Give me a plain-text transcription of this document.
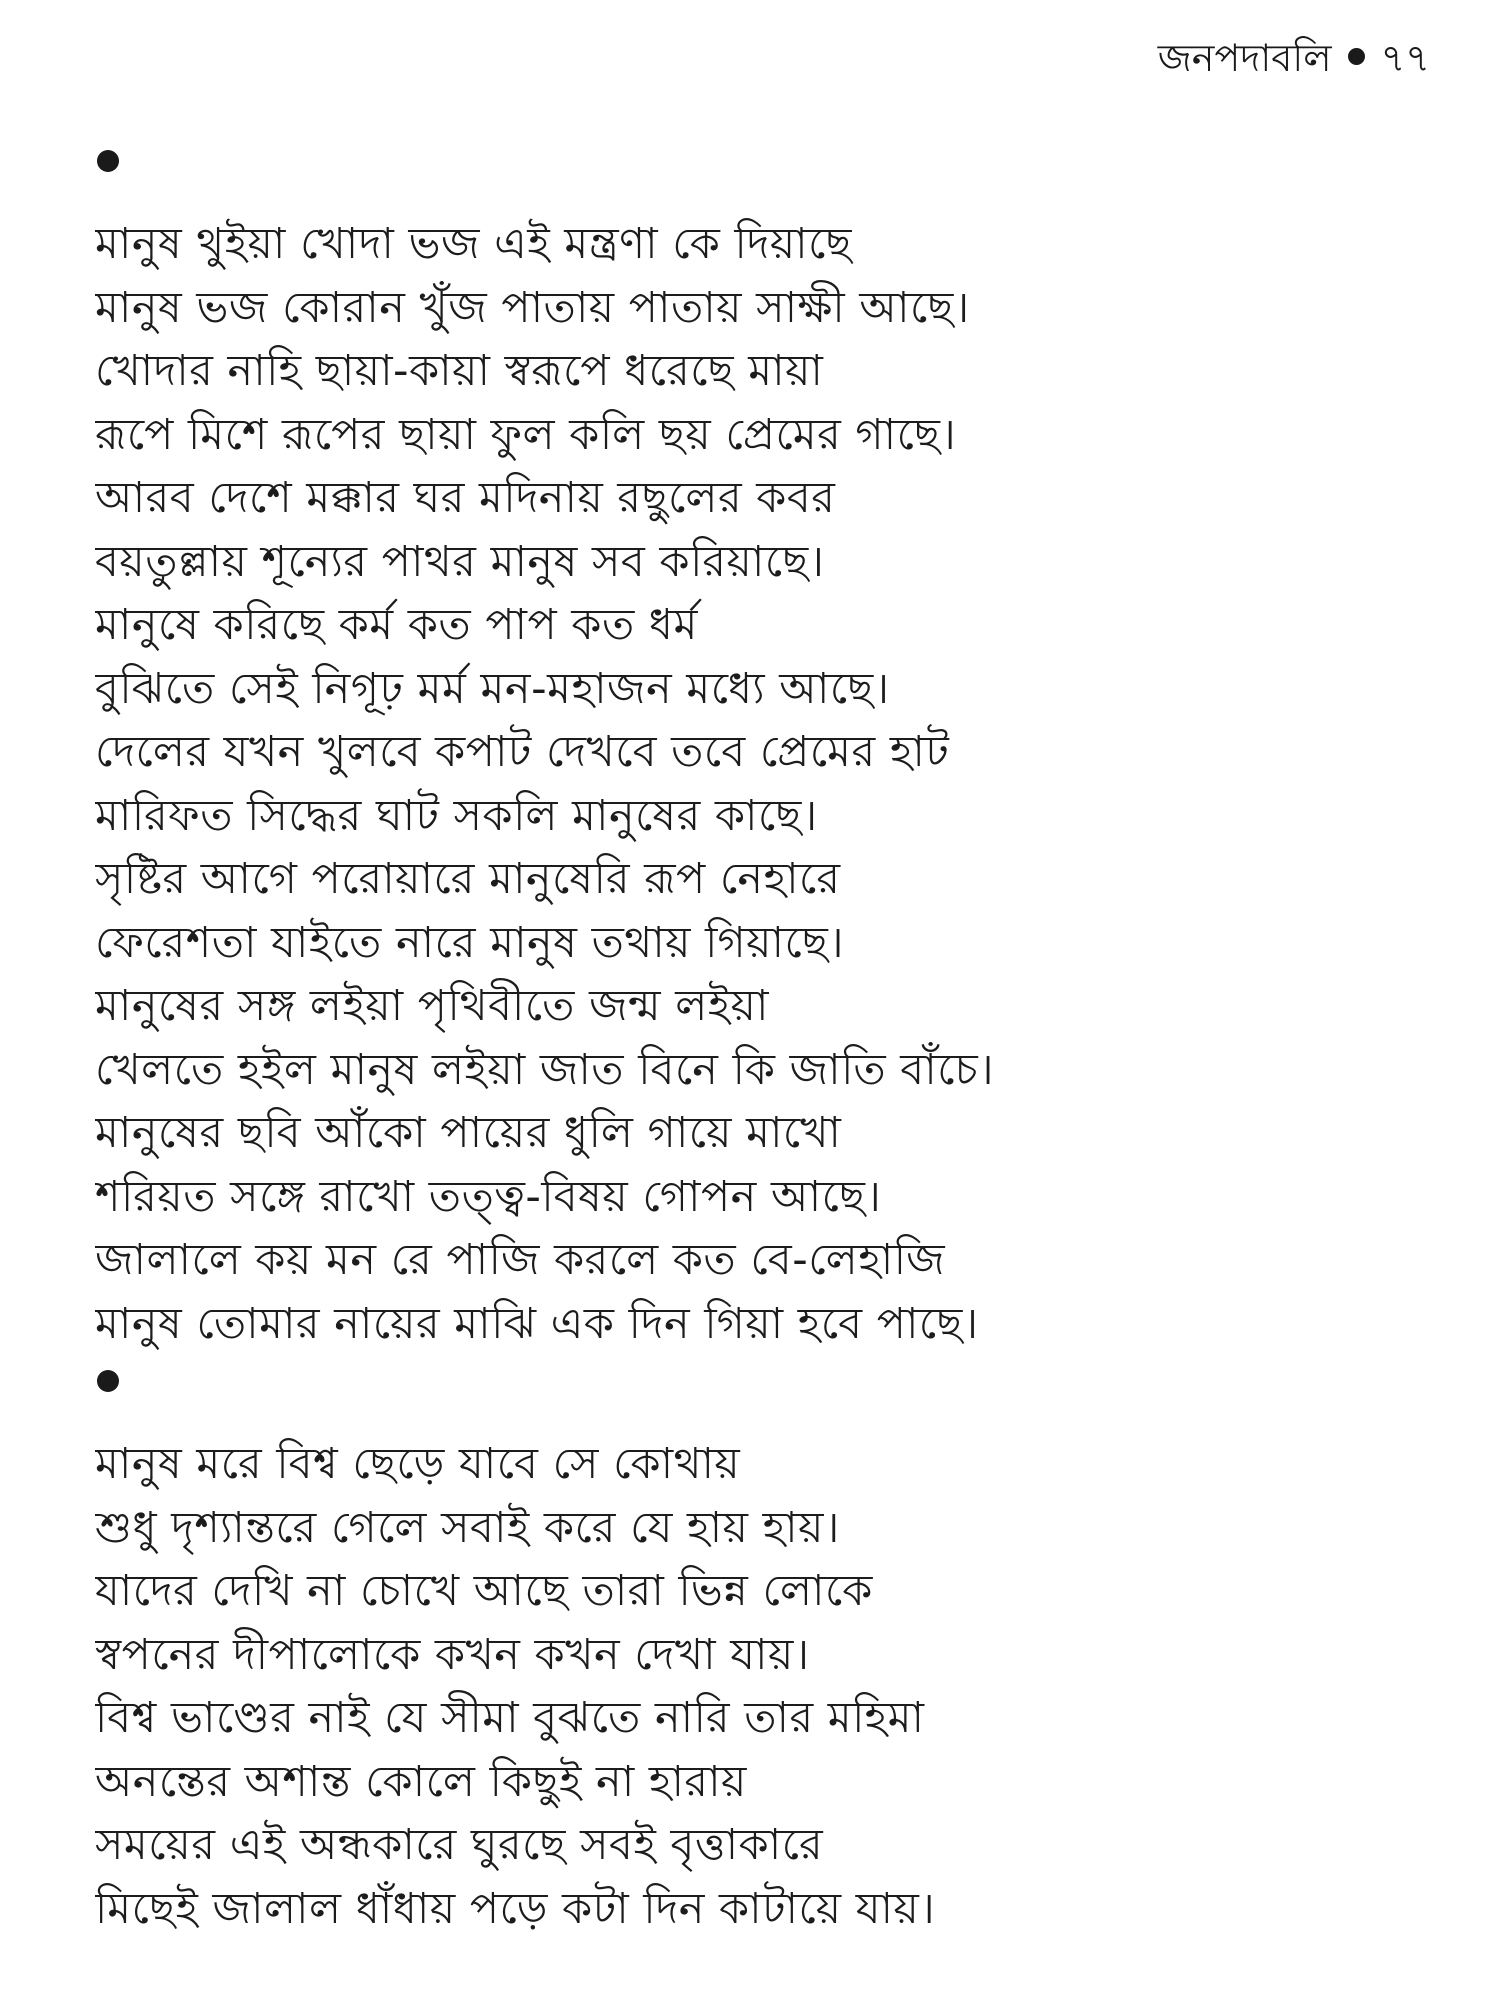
জনপদাবলি ৭৭
মানুষ থুইয়া খোদা ভজ এই মন্ত্রণা কে দিয়াছে
মানুষ ভজ কোরান খুঁজ পাতায় পাতায় সাক্ষী আছে।
খোদার নাহি ছায়া-কায়া স্বরূপে ধরেছে মায়া
রূপে মিশে রূপের ছায়া ফুল কলি ছয় প্রেমের গাছে।
আরব দেশে মক্কার ঘর মদিনায় রছুলের কবর
বয়তুল্লায় শূন্যের পাথর মানুষ সব করিয়াছে।
মানুষে করিছে কর্ম কত পাপ কত ধর্ম
বুঝিতে সেই নিগূঢ় মর্ম মন-মহাজন মধ্যে আছে।
দেলের যখন খুলবে কপাট দেখবে তবে প্রেমের হাট
মারিফত সিদ্ধের ঘাট সকলি মানুষের কাছে।
সৃষ্টির আগে পরোয়ারে মানুষেরি রূপ নেহারে
ফেরেশতা যাইতে নারে মানুষ তথায় গিয়াছে।
মানুষের সঙ্গ লইয়া পৃথিবীতে জন্ম লইয়া
খেলতে হইল মানুষ লইয়া জাত বিনে কি জাতি বাঁচে।
মানুষের ছবি আঁকো পায়ের ধুলি গায়ে মাখো
শরিয়ত সঙ্গে রাখো তত্ত্ব-বিষয় গোপন আছে।
জালালে কয় মন রে পাজি করলে কত বে-লেহাজি
মানুষ তোমার নায়ের মাঝি এক দিন গিয়া হবে পাছে।
মানুষ মরে বিশ্ব ছেড়ে যাবে সে কোথায়
শুধু দৃশ্যান্তরে গেলে সবাই করে যে হায় হায়।
যাদের দেখি না চোখে আছে তারা ভিন্ন লোকে
স্বপনের দীপালোকে কখন কখন দেখা যায়।
বিশ্ব ভাণ্ডের নাই যে সীমা বুঝতে নারি তার মহিমা
অনন্তের অশান্ত কোলে কিছুই না হারায়
সময়ের এই অন্ধকারে ঘুরছে সবই বৃত্তাকারে
মিছেই জালাল ধাঁধায় পড়ে কটা দিন কাটায়ে যায়।
